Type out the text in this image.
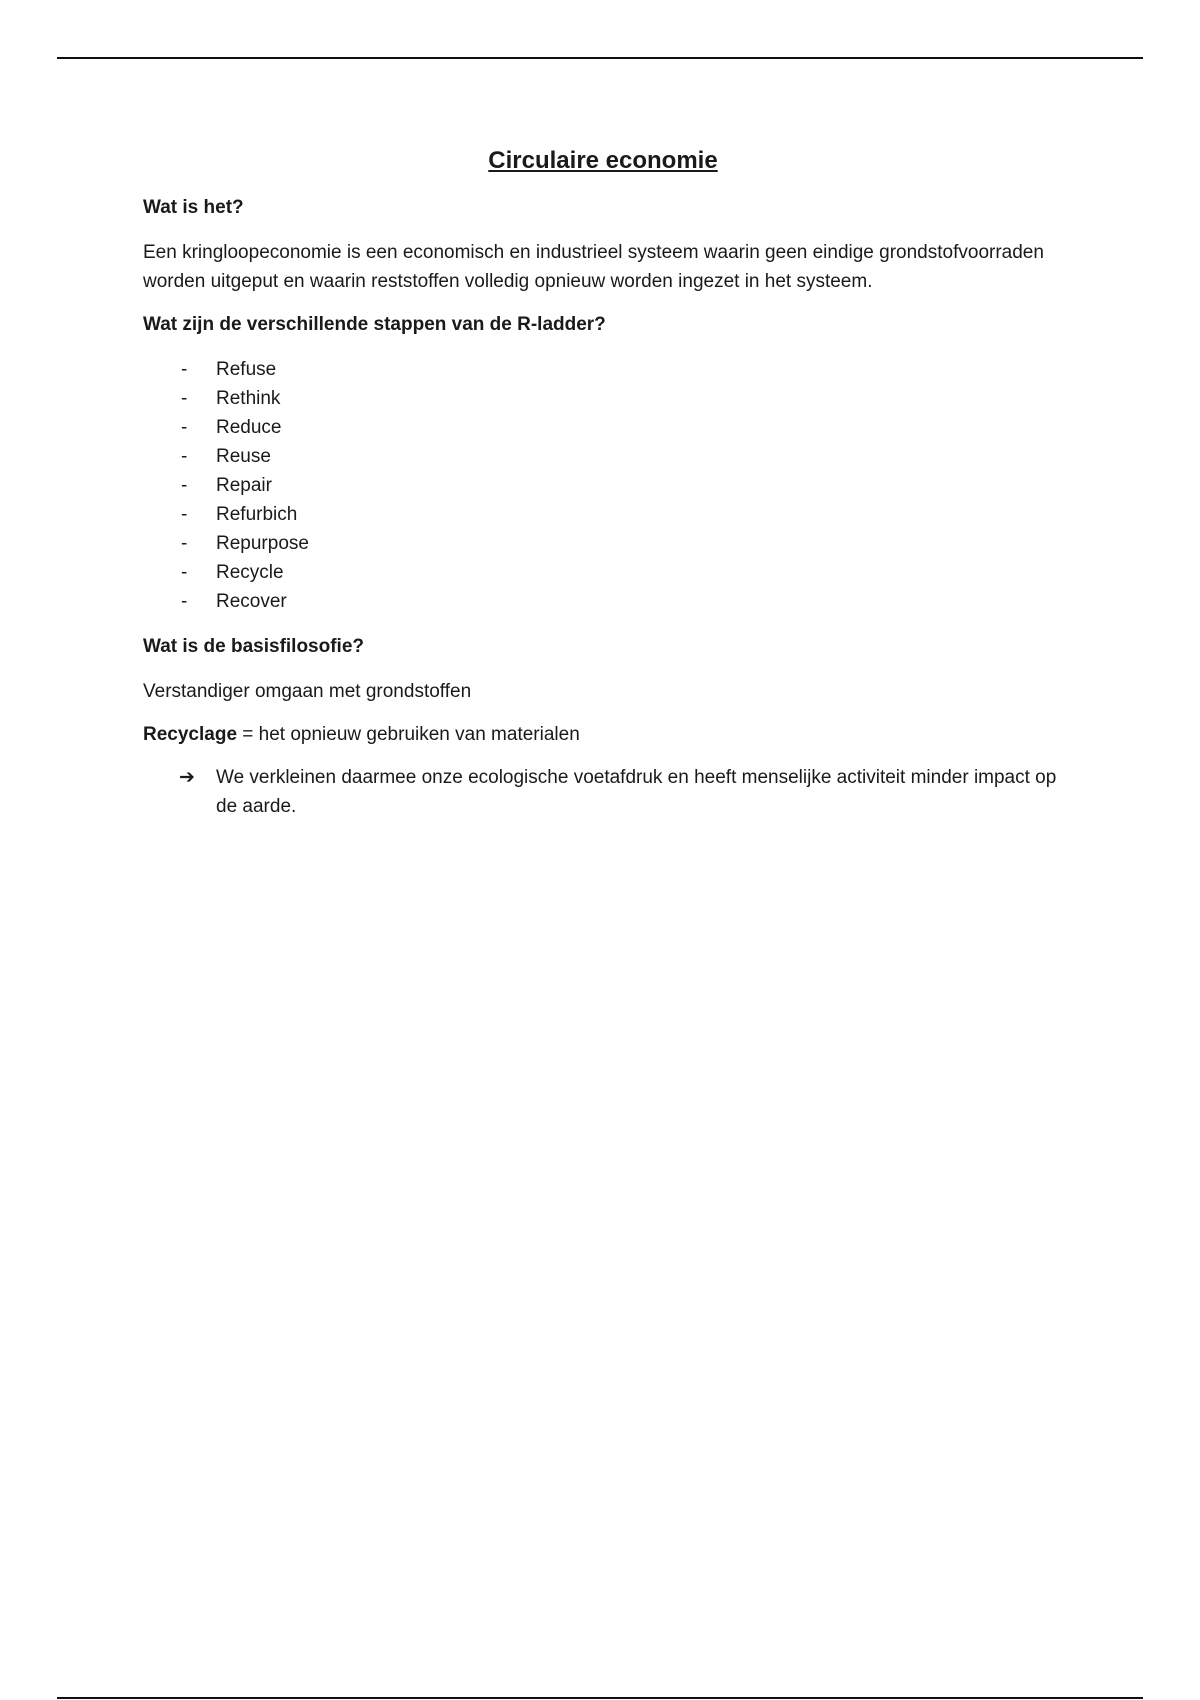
Circulaire economie
Wat is het?

Een kringloopeconomie is een economisch en industrieel systeem waarin geen eindige grondstofvoorraden worden uitgeput en waarin reststoffen volledig opnieuw worden ingezet in het systeem.

Wat zijn de verschillende stappen van de R-ladder?
- Refuse
- Rethink
- Reduce
- Reuse
- Repair
- Refurbich
- Repurpose
- Recycle
- Recover
Wat is de basisfilosofie?

Verstandiger omgaan met grondstoffen

Recyclage = het opnieuw gebruiken van materialen

➔ We verkleinen daarmee onze ecologische voetafdruk en heeft menselijke activiteit minder impact op de aarde.
